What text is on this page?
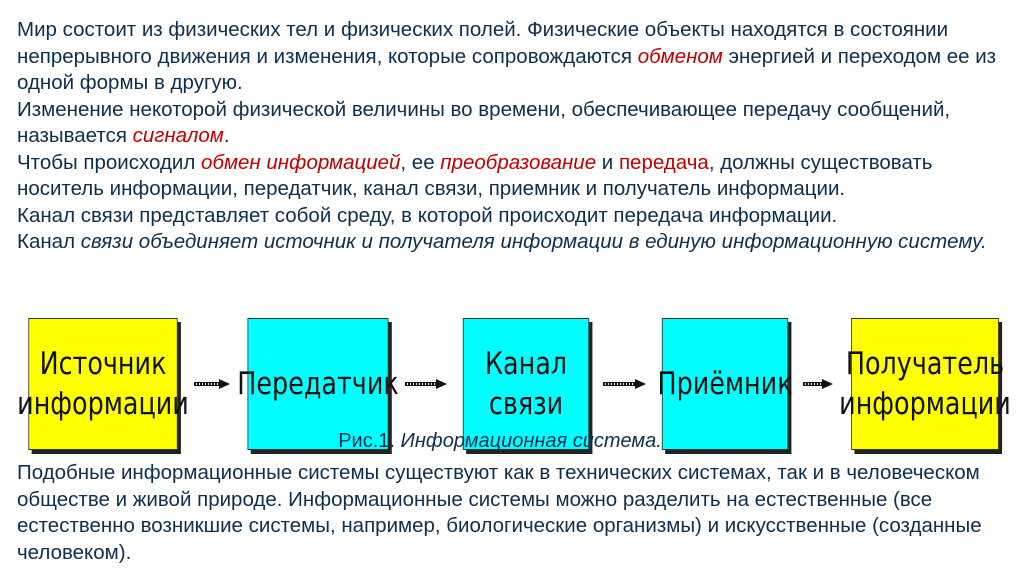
Мир состоит из физических тел и физических полей. Физические объекты находятся в состоянии непрерывного движения и изменения, которые сопровождаются обменом энергией и переходом ее из одной формы в другую.
Изменение некоторой физической величины во времени, обеспечивающее передачу сообщений, называется сигналом.
Чтобы происходил обмен информацией, ее преобразование и передача, должны существовать носитель информации, передатчик, канал связи, приемник и получатель информации.
Канал связи представляет собой среду, в которой происходит передача информации.
Канал связи объединяет источник и получателя информации в единую информационную систему.
Источник
информации
Передатчик
Канал
связи
Приёмник
Получатель
информации
Рис.1. Информационная система.
Подобные информационные системы существуют как в технических системах, так и в человеческом обществе и живой природе. Информационные системы можно разделить на естественные (все естественно возникшие системы, например, биологические организмы) и искусственные (созданные человеком).
